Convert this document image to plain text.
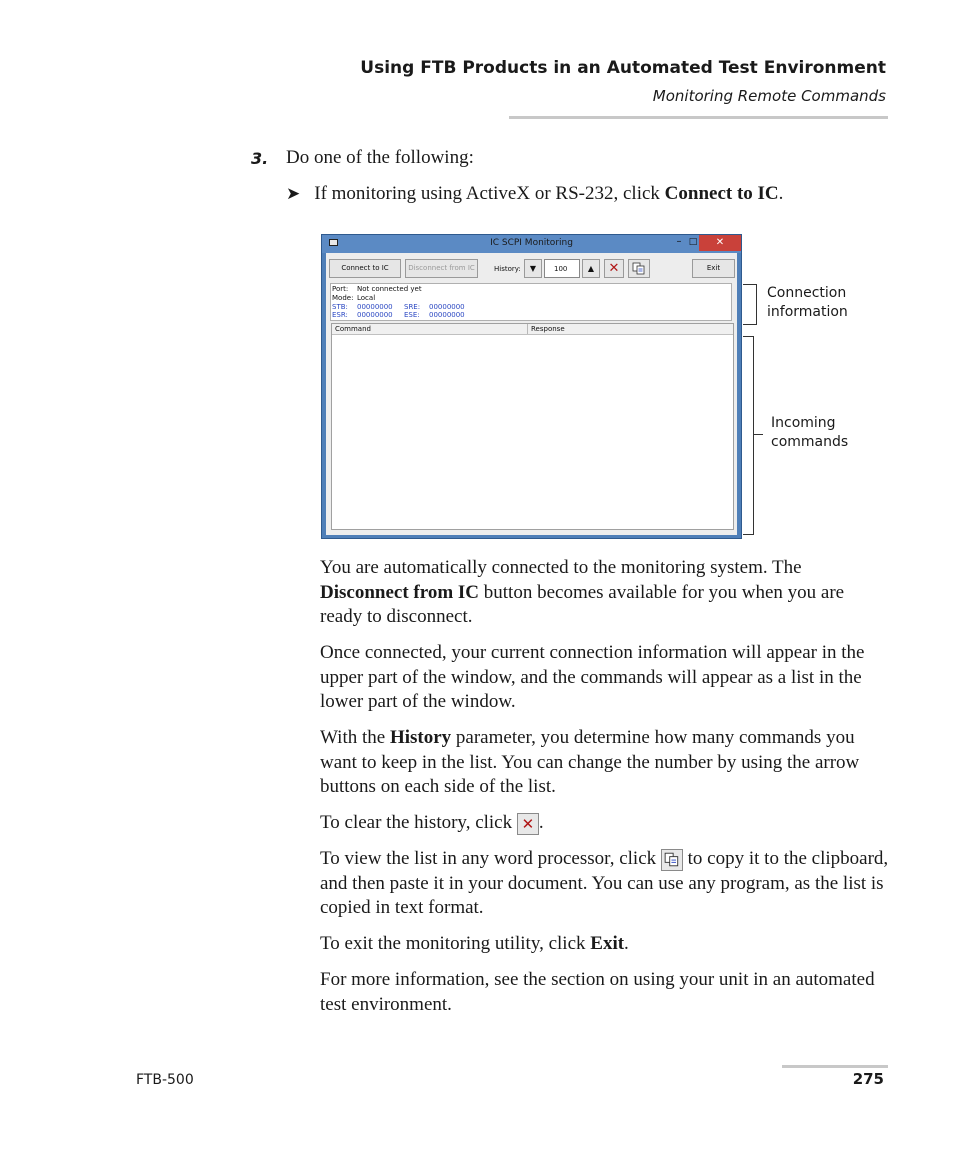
Using FTB Products in an Automated Test Environment
Monitoring Remote Commands
3. Do one of the following:
➤ If monitoring using ActiveX or RS-232, click Connect to IC.
IC SCPI Monitoring	– □	✕
Connect to IC	Disconnect from IC	History:	▼	100	▲	✕	Exit
Port: Not connected yet
Mode: Local
STB: 00000000 SRE: 00000000
ESR: 00000000 ESE: 00000000
Command	Response
Connection
information
Incoming
commands
You are automatically connected to the monitoring system. The Disconnect from IC button becomes available for you when you are ready to disconnect.
Once connected, your current connection information will appear in the upper part of the window, and the commands will appear as a list in the lower part of the window.
With the History parameter, you determine how many commands you want to keep in the list. You can change the number by using the arrow buttons on each side of the list.
To clear the history, click ✕ .
To view the list in any word processor, click  to copy it to the clipboard, and then paste it in your document. You can use any program, as the list is copied in text format.
To exit the monitoring utility, click Exit.
For more information, see the section on using your unit in an automated test environment.
FTB-500	275
